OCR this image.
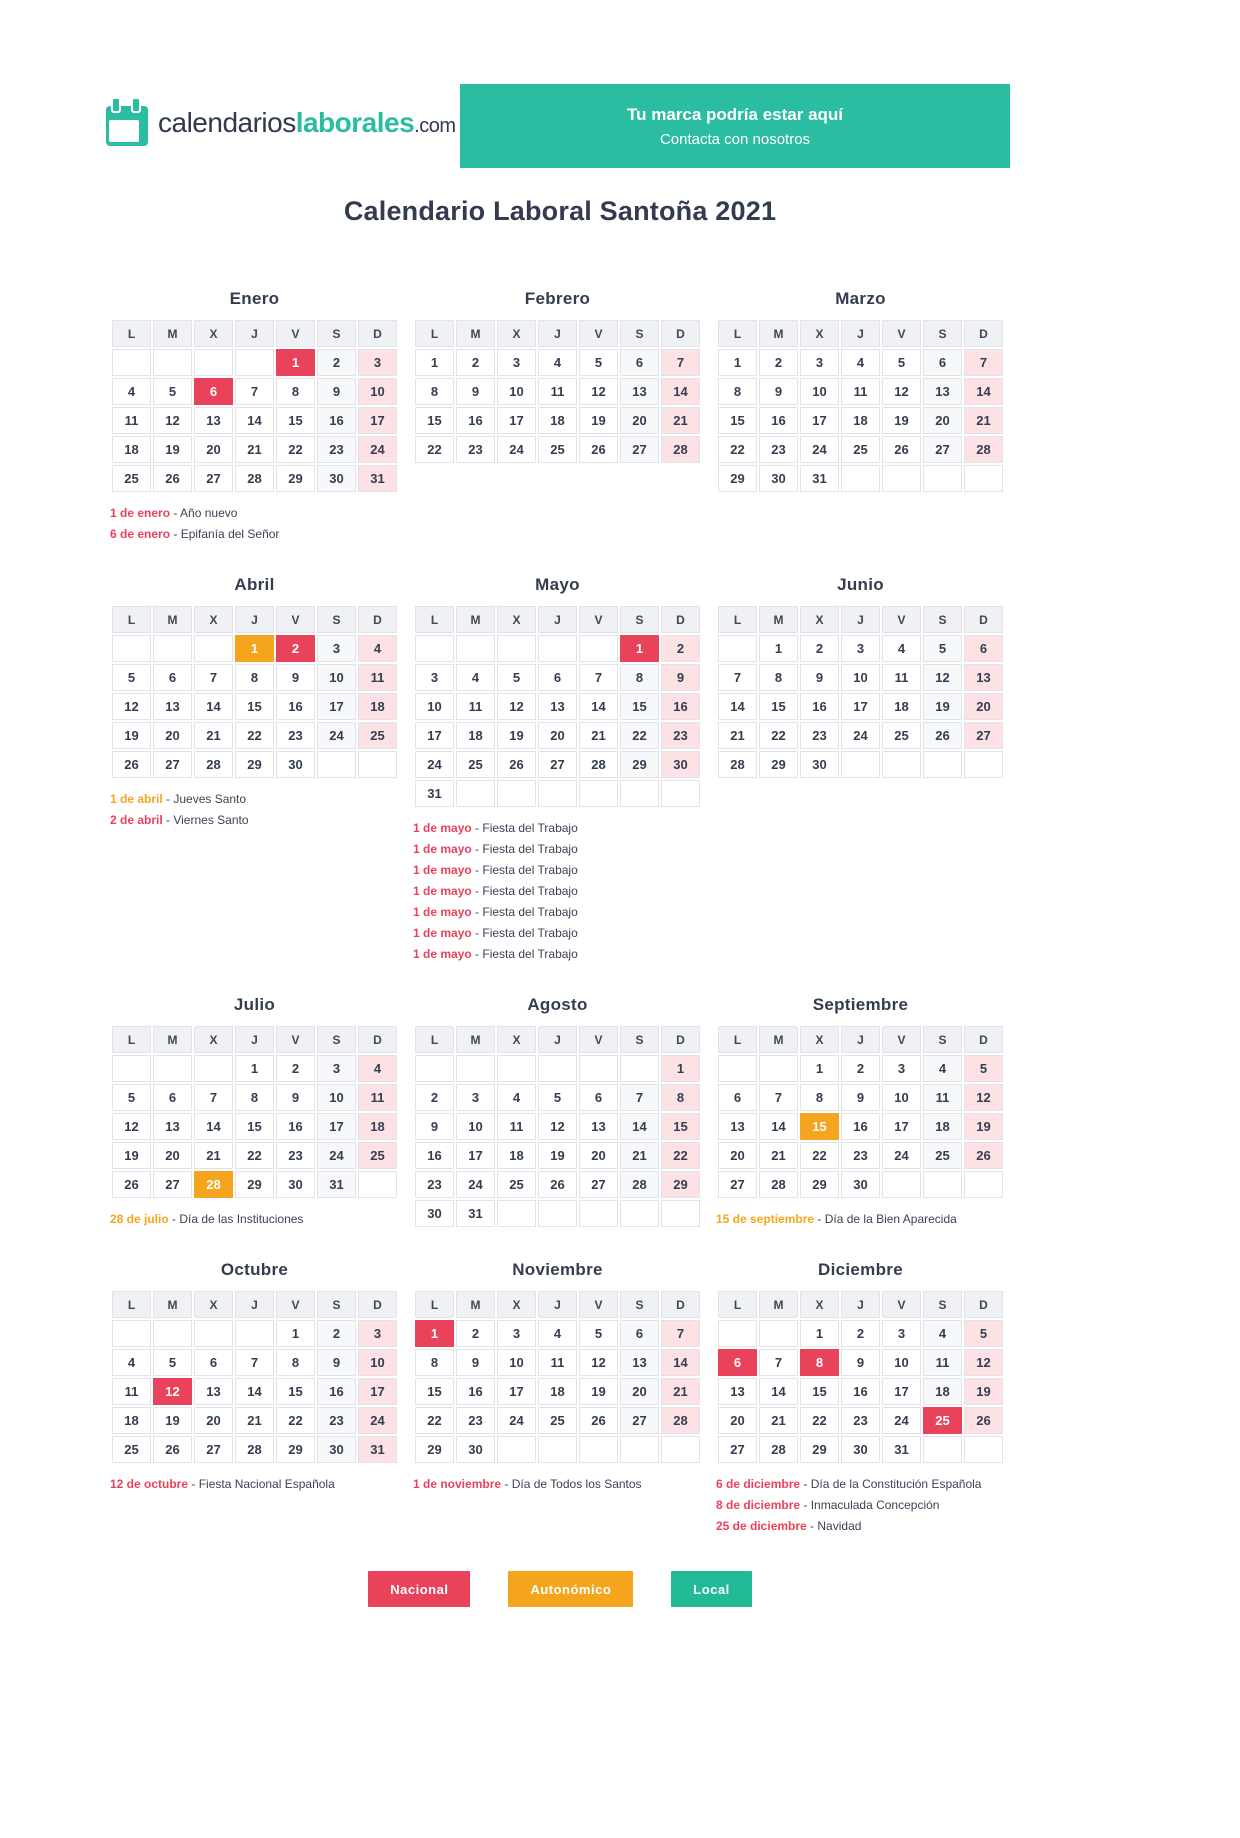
calendarioslaborales.com
Tu marca podría estar aquí
Contacta con nosotros
Calendario Laboral Santoña 2021
Enero
L	M	X	J	V	S	D
				1	2	3
4	5	6	7	8	9	10
11	12	13	14	15	16	17
18	19	20	21	22	23	24
25	26	27	28	29	30	31
1 de enero - Año nuevo
6 de enero - Epifanía del Señor
Febrero
L	M	X	J	V	S	D
1	2	3	4	5	6	7
8	9	10	11	12	13	14
15	16	17	18	19	20	21
22	23	24	25	26	27	28
Marzo
L	M	X	J	V	S	D
1	2	3	4	5	6	7
8	9	10	11	12	13	14
15	16	17	18	19	20	21
22	23	24	25	26	27	28
29	30	31				
Abril
L	M	X	J	V	S	D
			1	2	3	4
5	6	7	8	9	10	11
12	13	14	15	16	17	18
19	20	21	22	23	24	25
26	27	28	29	30		
1 de abril - Jueves Santo
2 de abril - Viernes Santo
Mayo
L	M	X	J	V	S	D
					1	2
3	4	5	6	7	8	9
10	11	12	13	14	15	16
17	18	19	20	21	22	23
24	25	26	27	28	29	30
31						
1 de mayo - Fiesta del Trabajo
1 de mayo - Fiesta del Trabajo
1 de mayo - Fiesta del Trabajo
1 de mayo - Fiesta del Trabajo
1 de mayo - Fiesta del Trabajo
1 de mayo - Fiesta del Trabajo
1 de mayo - Fiesta del Trabajo
Junio
L	M	X	J	V	S	D
	1	2	3	4	5	6
7	8	9	10	11	12	13
14	15	16	17	18	19	20
21	22	23	24	25	26	27
28	29	30				
Julio
L	M	X	J	V	S	D
			1	2	3	4
5	6	7	8	9	10	11
12	13	14	15	16	17	18
19	20	21	22	23	24	25
26	27	28	29	30	31	
28 de julio - Día de las Instituciones
Agosto
L	M	X	J	V	S	D
						1
2	3	4	5	6	7	8
9	10	11	12	13	14	15
16	17	18	19	20	21	22
23	24	25	26	27	28	29
30	31					
Septiembre
L	M	X	J	V	S	D
		1	2	3	4	5
6	7	8	9	10	11	12
13	14	15	16	17	18	19
20	21	22	23	24	25	26
27	28	29	30			
15 de septiembre - Día de la Bien Aparecida
Octubre
L	M	X	J	V	S	D
				1	2	3
4	5	6	7	8	9	10
11	12	13	14	15	16	17
18	19	20	21	22	23	24
25	26	27	28	29	30	31
12 de octubre - Fiesta Nacional Española
Noviembre
L	M	X	J	V	S	D
1	2	3	4	5	6	7
8	9	10	11	12	13	14
15	16	17	18	19	20	21
22	23	24	25	26	27	28
29	30					
1 de noviembre - Día de Todos los Santos
Diciembre
L	M	X	J	V	S	D
		1	2	3	4	5
6	7	8	9	10	11	12
13	14	15	16	17	18	19
20	21	22	23	24	25	26
27	28	29	30	31		
6 de diciembre - Día de la Constitución Española
8 de diciembre - Inmaculada Concepción
25 de diciembre - Navidad
Nacional	Autonómico	Local
